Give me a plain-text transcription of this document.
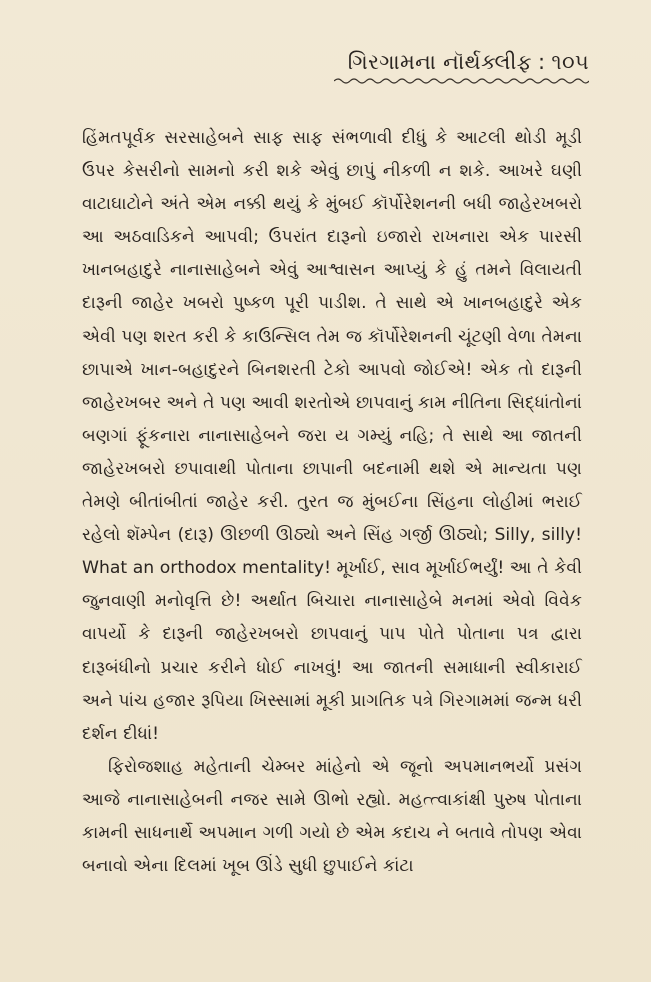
ગિરગામના નૉર્થક્લીફ : ૧૦૫

હિંમતપૂર્વક સરસાહેબને સાફ સાફ સંભળાવી દીધું કે આટલી થોડી મૂડી ઉપર કેસરીનો સામનો કરી શકે એવું છાપું નીકળી ન શકે. આખરે ઘણી વાટાઘાટોને અંતે એમ નક્કી થયું કે મુંબઈ કૉર્પોરેશનની બધી જાહેરખબરો આ અઠવાડિકને આપવી; ઉપરાંત દારૂનો ઇજારો રાખનારા એક પારસી ખાનબહાદુરે નાનાસાહેબને એવું આશ્વાસન આપ્યું કે હું તમને વિલાયતી દારૂની જાહેર ખબરો પુષ્કળ પૂરી પાડીશ. તે સાથે એ ખાનબહાદુરે એક એવી પણ શરત કરી કે કાઉન્સિલ તેમ જ કૉર્પોરેશનની ચૂંટણી વેળા તેમના છાપાએ ખાન-બહાદુરને બિનશરતી ટેકો આપવો જોઈએ! એક તો દારૂની જાહેરખબર અને તે પણ આવી શરતોએ છાપવાનું કામ નીતિના સિદ્ધાંતોનાં બણગાં ફૂંકનારા નાનાસાહેબને જરા ય ગમ્યું નહિ; તે સાથે આ જાતની જાહેરખબરો છપાવાથી પોતાના છાપાની બદનામી થશે એ માન્યતા પણ તેમણે બીતાંબીતાં જાહેર કરી. તુરત જ મુંબઈના સિંહના લોહીમાં ભરાઈ રહેલો શૅમ્પેન (દારૂ) ઊછળી ઊઠ્યો અને સિંહ ગર્જી ઊઠ્યો; Silly, silly! What an orthodox mentality! મૂર્ખાઈ, સાવ મૂર્ખાઈભર્યું! આ તે કેવી જુનવાણી મનોવૃત્તિ છે! અર્થાત બિચારા નાનાસાહેબે મનમાં એવો વિવેક વાપર્યો કે દારૂની જાહેરખબરો છાપવાનું પાપ પોતે પોતાના પત્ર દ્વારા દારૂબંધીનો પ્રચાર કરીને ધોઈ નાખવું! આ જાતની સમાધાની સ્વીકારાઈ અને પાંચ હજાર રૂપિયા ખિસ્સામાં મૂકી પ્રાગતિક પત્રે ગિરગામમાં જન્મ ધરી દર્શન દીધાં!

ફિરોજશાહ મહેતાની ચેમ્બર માંહેનો એ જૂનો અપમાનભર્યો પ્રસંગ આજે નાનાસાહેબની નજર સામે ઊભો રહ્યો. મહત્ત્વાકાંક્ષી પુરુષ પોતાના કામની સાધનાર્થે અપમાન ગળી ગયો છે એમ કદાચ ને બતાવે તોપણ એવા બનાવો એના દિલમાં ખૂબ ઊંડે સુધી છુપાઈને કાંટા
